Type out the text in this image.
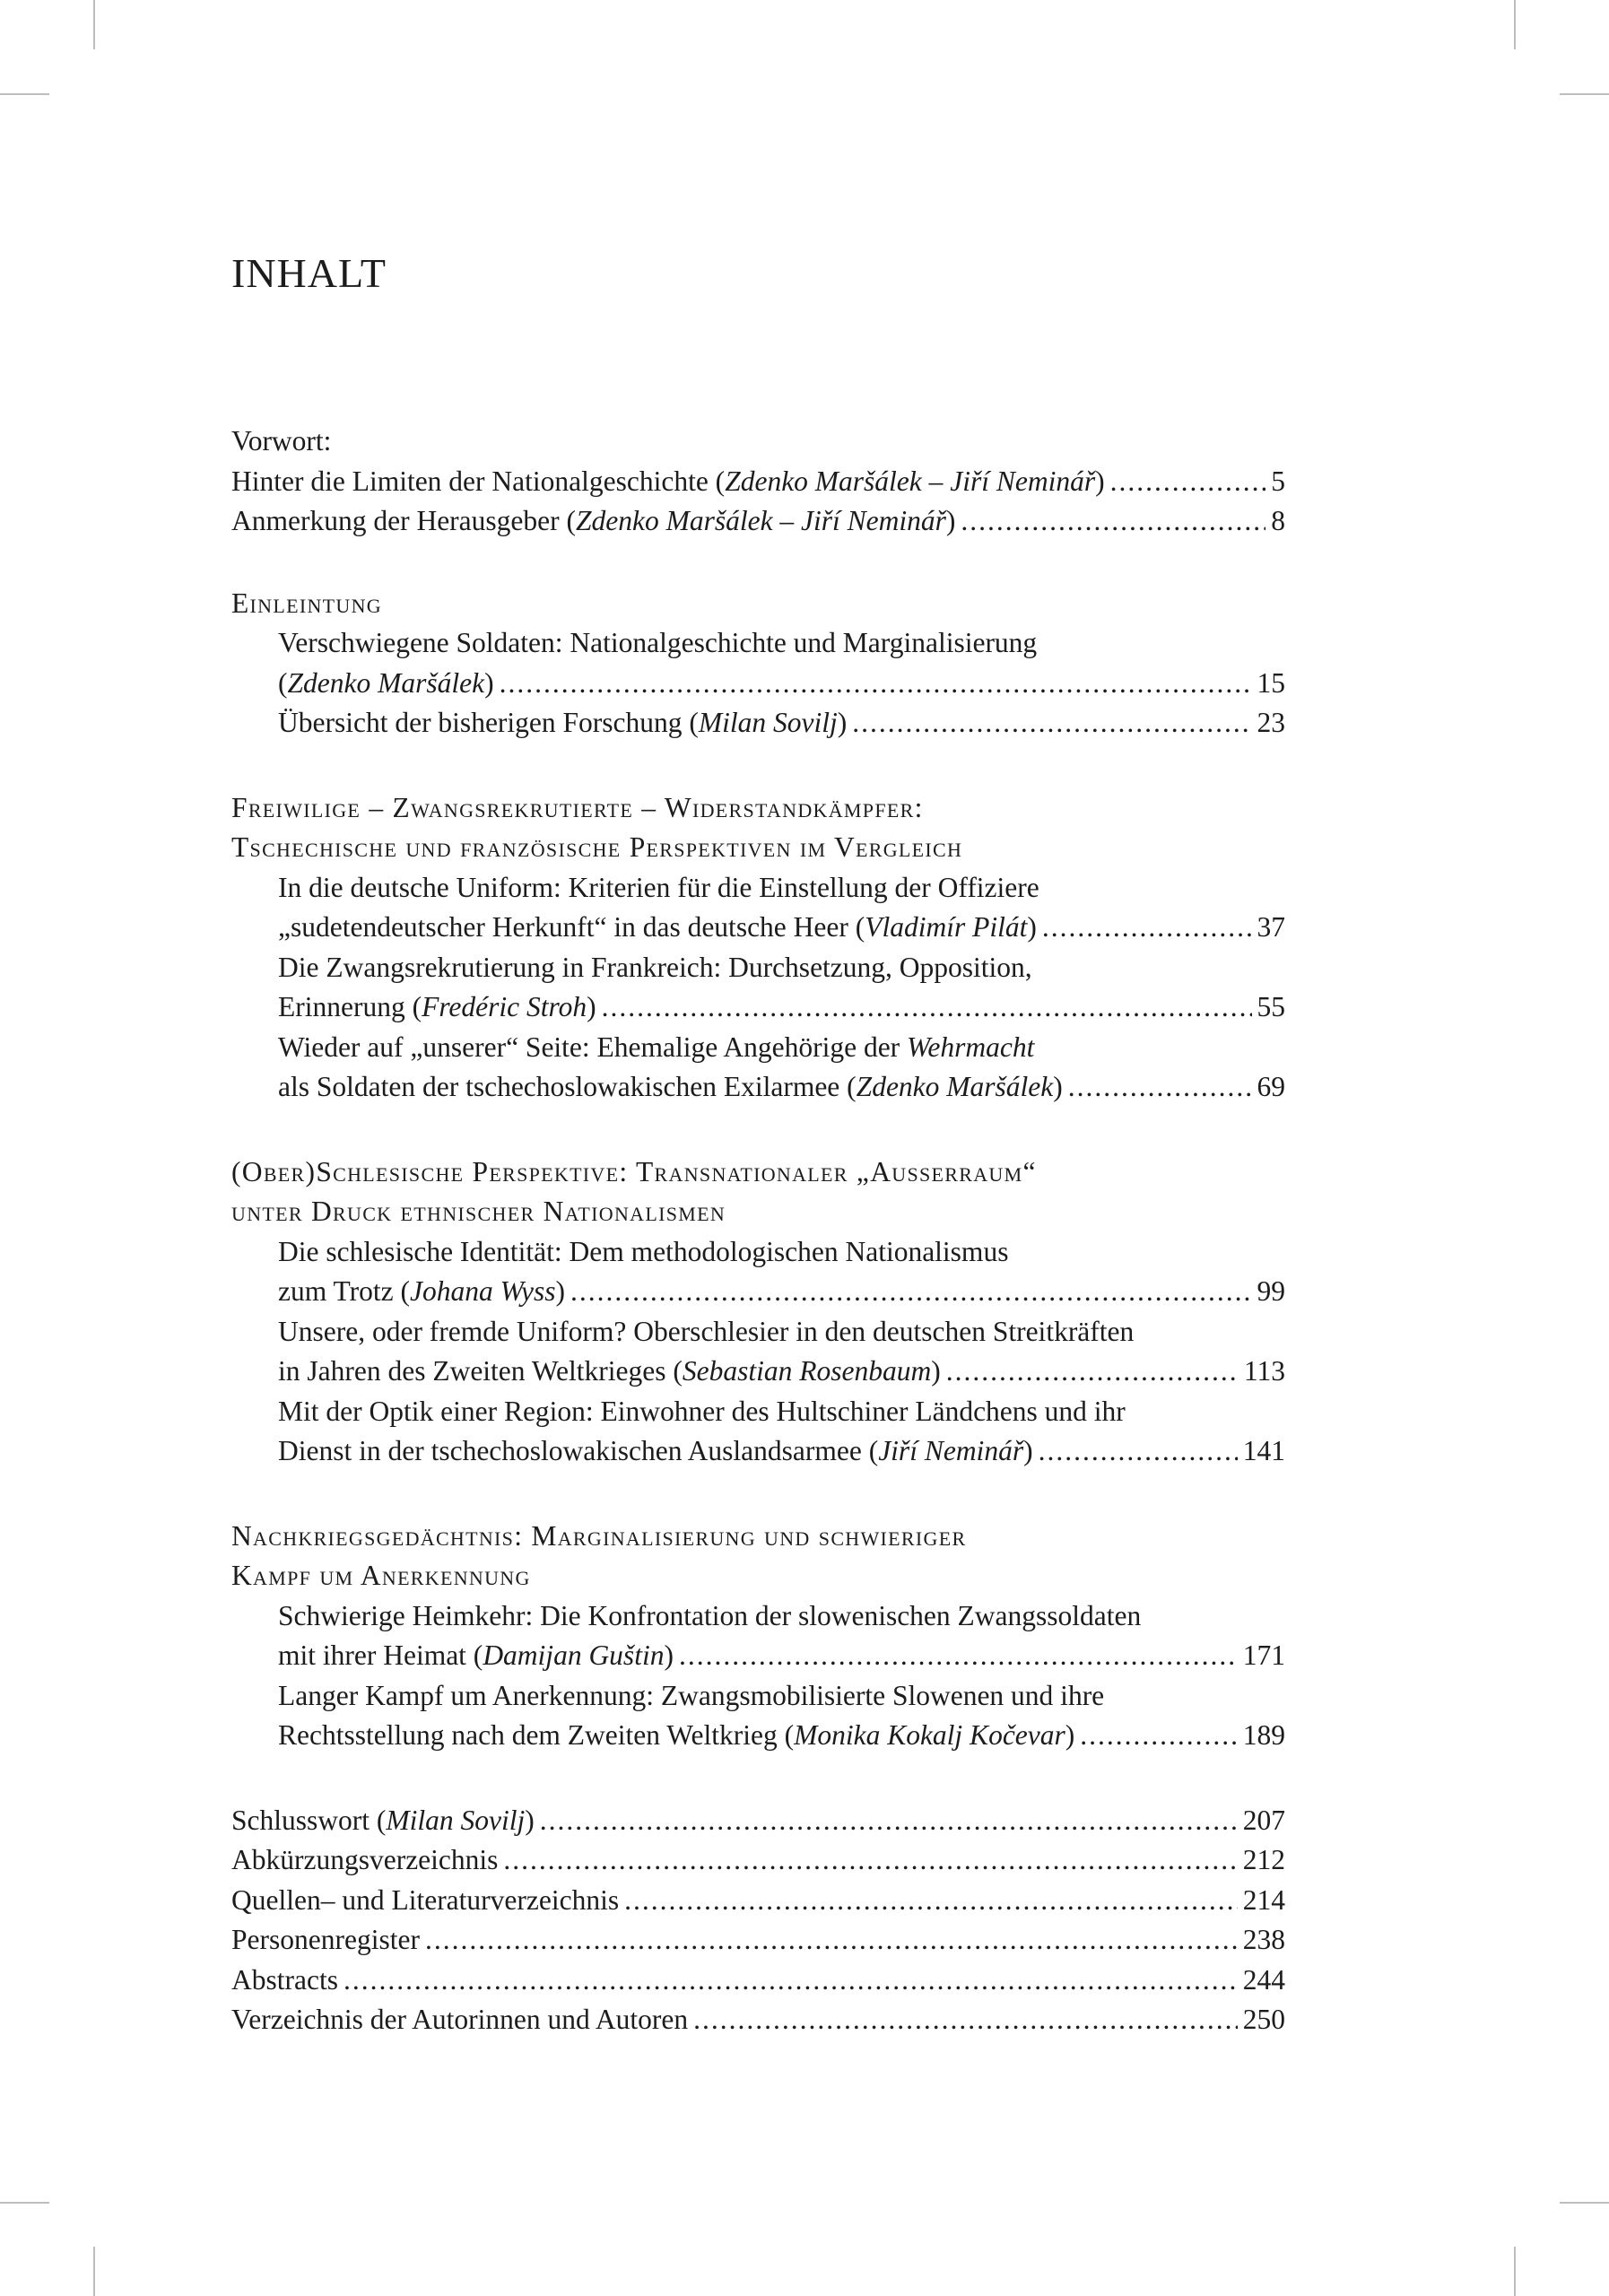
INHALT
Vorwort:
Hinter die Limiten der Nationalgeschichte (Zdenko Maršálek – Jiří Neminář) .....	5
Anmerkung der Herausgeber (Zdenko Maršálek – Jiří Neminář) .....	8
Einleintung
Verschwiegene Soldaten: Nationalgeschichte und Marginalisierung
(Zdenko Maršálek) .....	15
Übersicht der bisherigen Forschung (Milan Sovilj) .....	23
Freiwilige – Zwangsrekrutierte – Widerstandkämpfer:
Tschechische und französische Perspektiven im Vergleich
In die deutsche Uniform: Kriterien für die Einstellung der Offiziere
„sudetendeutscher Herkunft“ in das deutsche Heer (Vladimír Pilát) .....	37
Die Zwangsrekrutierung in Frankreich: Durchsetzung, Opposition,
Erinnerung (Fredéric Stroh) .....	55
Wieder auf „unserer“ Seite: Ehemalige Angehörige der Wehrmacht
als Soldaten der tschechoslowakischen Exilarmee (Zdenko Maršálek) .....	69
(Ober)Schlesische Perspektive: Transnationaler „Ausserraum“
unter Druck ethnischer Nationalismen
Die schlesische Identität: Dem methodologischen Nationalismus
zum Trotz (Johana Wyss) .....	99
Unsere, oder fremde Uniform? Oberschlesier in den deutschen Streitkräften
in Jahren des Zweiten Weltkrieges (Sebastian Rosenbaum) .....	113
Mit der Optik einer Region: Einwohner des Hultschiner Ländchens und ihr
Dienst in der tschechoslowakischen Auslandsarmee (Jiří Neminář) .....	141
Nachkriegsgedächtnis: Marginalisierung und schwieriger
Kampf um Anerkennung
Schwierige Heimkehr: Die Konfrontation der slowenischen Zwangssoldaten
mit ihrer Heimat (Damijan Guštin) .....	171
Langer Kampf um Anerkennung: Zwangsmobilisierte Slowenen und ihre
Rechtsstellung nach dem Zweiten Weltkrieg (Monika Kokalj Kočevar) .....	189
Schlusswort (Milan Sovilj) .....	207
Abkürzungsverzeichnis .....	212
Quellen– und Literaturverzeichnis .....	214
Personenregister .....	238
Abstracts .....	244
Verzeichnis der Autorinnen und Autoren .....	250
